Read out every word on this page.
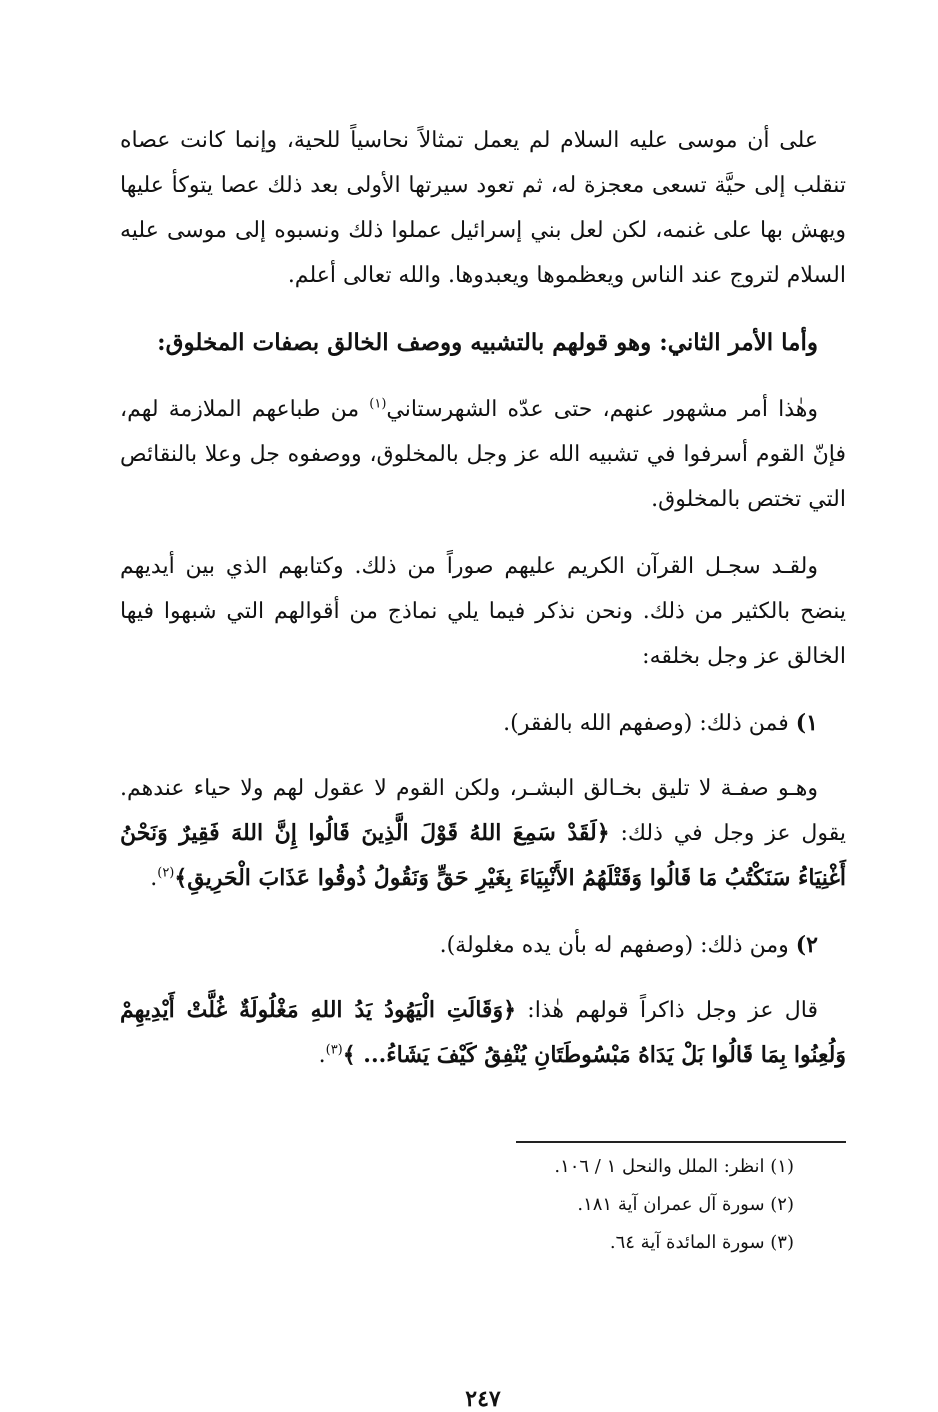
على أن موسى عليه السلام لم يعمل تمثالاً نحاسياً للحية، وإنما كانت عصاه تنقلب إلى حيَّة تسعى معجزة له، ثم تعود سيرتها الأولى بعد ذلك عصا يتوكأ عليها ويهش بها على غنمه، لكن لعل بني إسرائيل عملوا ذلك ونسبوه إلى موسى عليه السلام لتروج عند الناس ويعظموها ويعبدوها. والله تعالى أعلم.

وأما الأمر الثاني: وهو قولهم بالتشبيه ووصف الخالق بصفات المخلوق:

وهٰذا أمر مشهور عنهم، حتى عدّه الشهرستاني$^{(١)}$ من طباعهم الملازمة لهم، فإنّ القوم أسرفوا في تشبيه الله عز وجل بالمخلوق، ووصفوه جل وعلا بالنقائص التي تختص بالمخلوق.

ولقـد سجـل القرآن الكريم عليهم صوراً من ذلك. وكتابهم الذي بين أيديهم ينضح بالكثير من ذلك. ونحن نذكر فيما يلي نماذج من أقوالهم التي شبهوا فيها الخالق عز وجل بخلقه:

١) فمن ذلك: (وصفهم الله بالفقر).

وهـو صفـة لا تليق بخـالق البشـر، ولكن القوم لا عقول لهم ولا حياء عندهم. يقول عز وجل في ذلك: ﴿لَقَدْ سَمِعَ اللهُ قَوْلَ الَّذِينَ قَالُوا إِنَّ اللهَ فَقِيرٌ وَنَحْنُ أَغْنِيَاءُ سَنَكْتُبُ مَا قَالُوا وَقَتْلَهُمُ الأَنْبِيَاءَ بِغَيْرِ حَقٍّ وَنَقُولُ ذُوقُوا عَذَابَ الْحَرِيقِ﴾$^{(٢)}$.

٢) ومن ذلك: (وصفهم له بأن يده مغلولة).

قال عز وجل ذاكراً قولهم هٰذا: ﴿وَقَالَتِ الْيَهُودُ يَدُ اللهِ مَغْلُولَةٌ غُلَّتْ أَيْدِيهِمْ وَلُعِنُوا بِمَا قَالُوا بَلْ يَدَاهُ مَبْسُوطَتَانِ يُنْفِقُ كَيْفَ يَشَاءُ... ﴾$^{(٣)}$.

(١) انظر: الملل والنحل ١ / ١٠٦.
(٢) سورة آل عمران آية ١٨١.
(٣) سورة المائدة آية ٦٤.
٢٤٧
